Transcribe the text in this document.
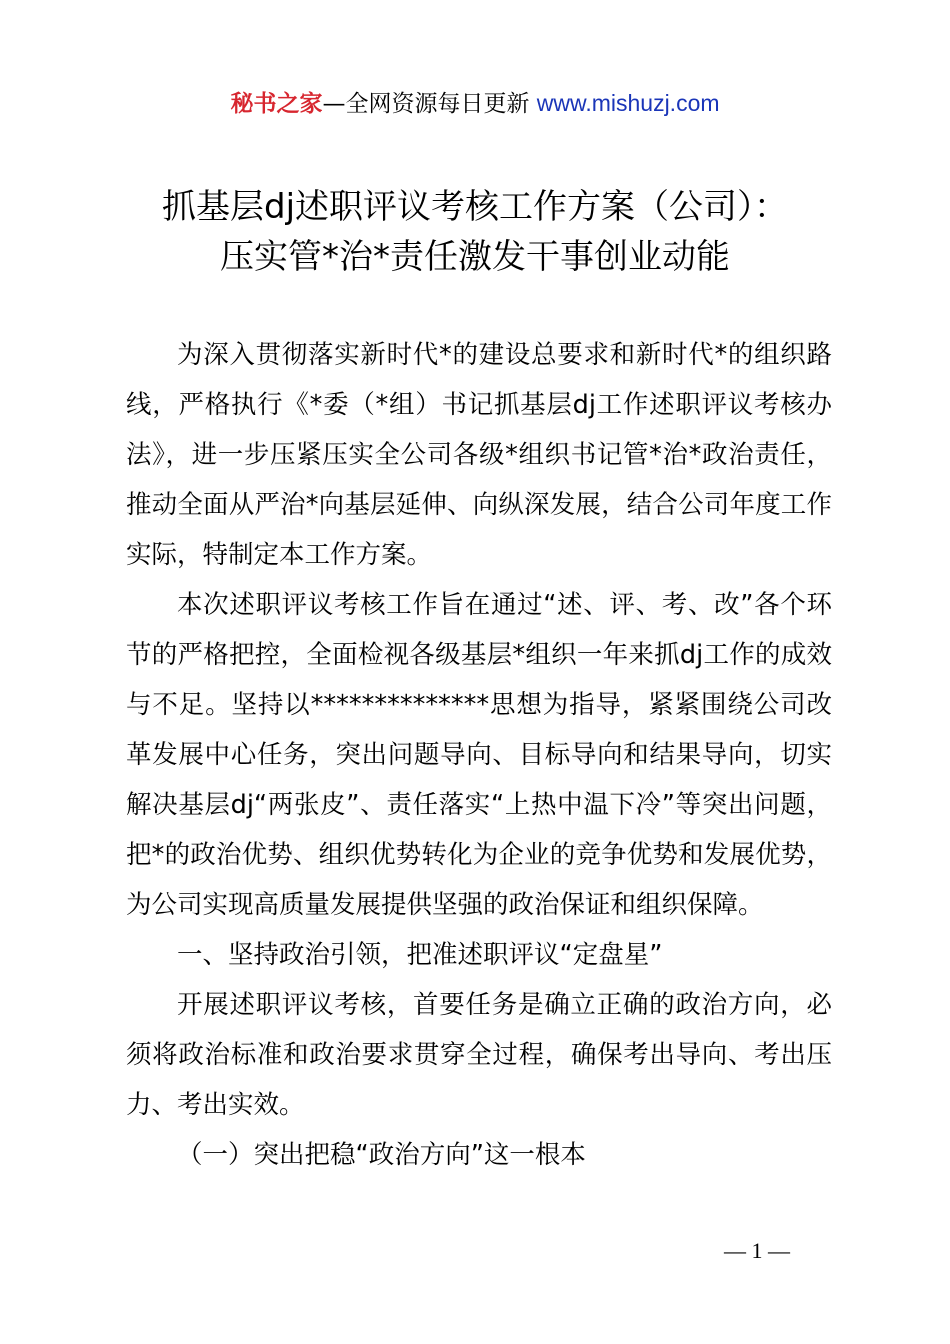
秘书之家—全网资源每日更新 www.mishuzj.com
抓基层dj述职评议考核工作方案（公司）：
压实管*治*责任激发干事创业动能
为深入贯彻落实新时代*的建设总要求和新时代*的组织路线，严格执行《*委（*组）书记抓基层dj工作述职评议考核办法》，进一步压紧压实全公司各级*组织书记管*治*政治责任，推动全面从严治*向基层延伸、向纵深发展，结合公司年度工作实际，特制定本工作方案。
本次述职评议考核工作旨在通过“述、评、考、改”各个环节的严格把控，全面检视各级基层*组织一年来抓dj工作的成效与不足。坚持以**************思想为指导，紧紧围绕公司改革发展中心任务，突出问题导向、目标导向和结果导向，切实解决基层dj“两张皮”、责任落实“上热中温下冷”等突出问题，把*的政治优势、组织优势转化为企业的竞争优势和发展优势，为公司实现高质量发展提供坚强的政治保证和组织保障。
一、坚持政治引领，把准述职评议“定盘星”
开展述职评议考核，首要任务是确立正确的政治方向，必须将政治标准和政治要求贯穿全过程，确保考出导向、考出压力、考出实效。
（一）突出把稳“政治方向”这一根本
— 1 —
